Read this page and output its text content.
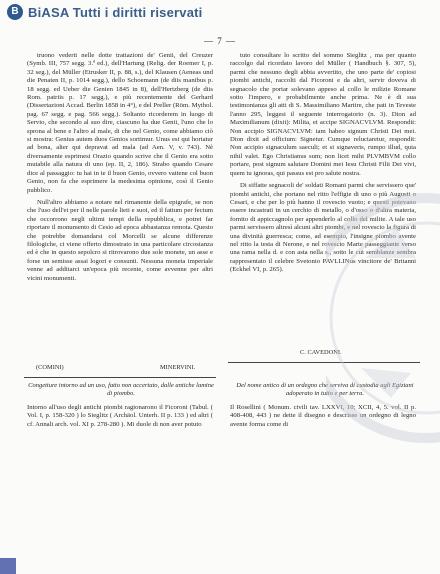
B BiASA Tutti i diritti riservati
— 7 —

truono vederti nelle dotte trattazioni de' Genii, del Creuzer (Symb. III, 757 segg. 3.ª ed.), dell'Hartung (Relig. der Roemer I, p. 32 seg.), del Müller (Etrusker II, p. 88, s.), del Klausen (Aeneas und die Penaten II, p. 1014 segg.), dello Schoemann (de diis manibus p. 18 segg. ed Ueber die Genien 1845 in 8), dell'Hertzberg (de diis Rom. patriis p. 17 segg.), e più recentemente del Gerhard (Dissertazioni Accad. Berlin 1858 in 4°), e del Preller (Röm. Mythol. pag. 67 segg. e pag. 566 segg.). Soltanto ricorderem in luogo di Servio, che secondo al suo dire, ciascuno ha due Genii, l'uno che lo sprona al bene e l'altro al male, di che nel Genio, come abbiamo ciò si mostra: Genius autem duos Genios sortimur. Unus est qui hortatur ad bona, alter qui depravat ad mala (ad Aen. V, v. 743). Nè diversamente esprimesi Orazio quando scrive che il Genio era sotto mutabile alla natura di uno (ep. II, 2, 186). Strabo quando Cesare dice al passaggio: tu hai in te il buon Genio, ovvero vattene col buon Genio, non fa che esprimere la medesima opinione, così il Genio pubblico.

Null'altro abbiamo a notare nel rimanente della epigrafe, se non che l'uso dell'et per il nelle parole lieti e suoi, ed il fattum per fectum che occorrono negli ultimi tempi della repubblica, e potrei far riportare il monumento di Cesio ad epoca abbastanza remota. Questo che potrebbe domandarsi col Morcelli se alcune differenze filologiche, ci viene offerto dimostrato in una particolare circostanza ed è che in questo sepolcro si ritrovarono due sole monete, un asse e forse un semisse assai logori e consunti. Nessuna moneta imperiale venne ad additarci un'epoca più recente, come avvenne per altri vicini monumenti.

(COMINI)	MINERVINI.

tuto consultare lo scritto del sommo Sieglitz , ma per quanto raccolgo dal ricordato lavoro del Müller ( Handbuch §. 307, 5), parmi che nessuno degli abbia avvertito, che uno parte de' copiosi piombi antichi, raccolti dal Ficoroni e da altri, servir doveva di segnacolo che portar solevano appeso al collo le milizie Romane sotto l'impero, e probabilmente anche prima. Ne è di sua testimonianza gli atti di S. Massimiliano Martire, che pati in Teveste l'anno 295, leggesi il seguente interrogatorio (n. 3). Dion ad Maximilianum (dixit): Milita, et accipe SIGNACVLVM. Respondit: Non accipio SIGNACVLVM: iam habeo signum Christi Dei mei. Dion dixit ad officium: Signetur. Cumque reluctaretur, respondit: Non accipio signaculum saeculi; et si signaveris, rumpo illud, quia nihil valet. Ego Christianus sum; non licet mihi PLVMBVM collo portare, post signum salutare Domini mei Iesu Christi Filii Dei vivi, quem tu ignoras, qui passus est pro salute nostra.

Di siffatte segnacoli de' soldati Romani parmi che servissero que' piombi antichi, che portano nel ritto l'effigie di uno o più Augusti o Cesari, e che per lo più hanno il rovescio vuoto; e questi potevano essere incastrati in un cerchio di metallo, o d'osso o d'altra materia, fornito di appiccagnolo per appenderlo al collo del milite. A tale uso parmi servissero altresì alcuni altri piombi, e nel rovescio la figura di una divinità guerresca; come, ad esempio, l'insigne piombo avente nel ritto la testa di Nerone, e nel rovescio Marte passeggiante verso una rama nella d. e con asta nella s., sotto le cui semblanze sembra rappresentato il celebre Svetonio PAVLLINus vincitore de' Britanni (Eckhel VI, p. 265).

C. CAVEDONI.
Congetture intorno ad un uso, fatto non accertato, dalle antiche lamine di piombo.
Del nome antico di un ordegno che serviva di custodia agli Egiziani adoperato in tutto e per terra.
Intorno all'uso degli antichi piombi ragionarono il Ficoroni (Tabul. ( Vol. I, p. 158-320 ) lo Sieglitz ( Archäol. Unterh. II p. 133 ) ed altri ( cf. Annali arch. vol. XI p. 278-280 ). Mi duole di non aver potuto
Il Rosellini ( Monum. civili tav. LXXVI, 10; XCII, 4, 5. vol. II p. 408-408, 443 ) ne dette il disegno e descrisse un ordegno di legno avente forma come di
